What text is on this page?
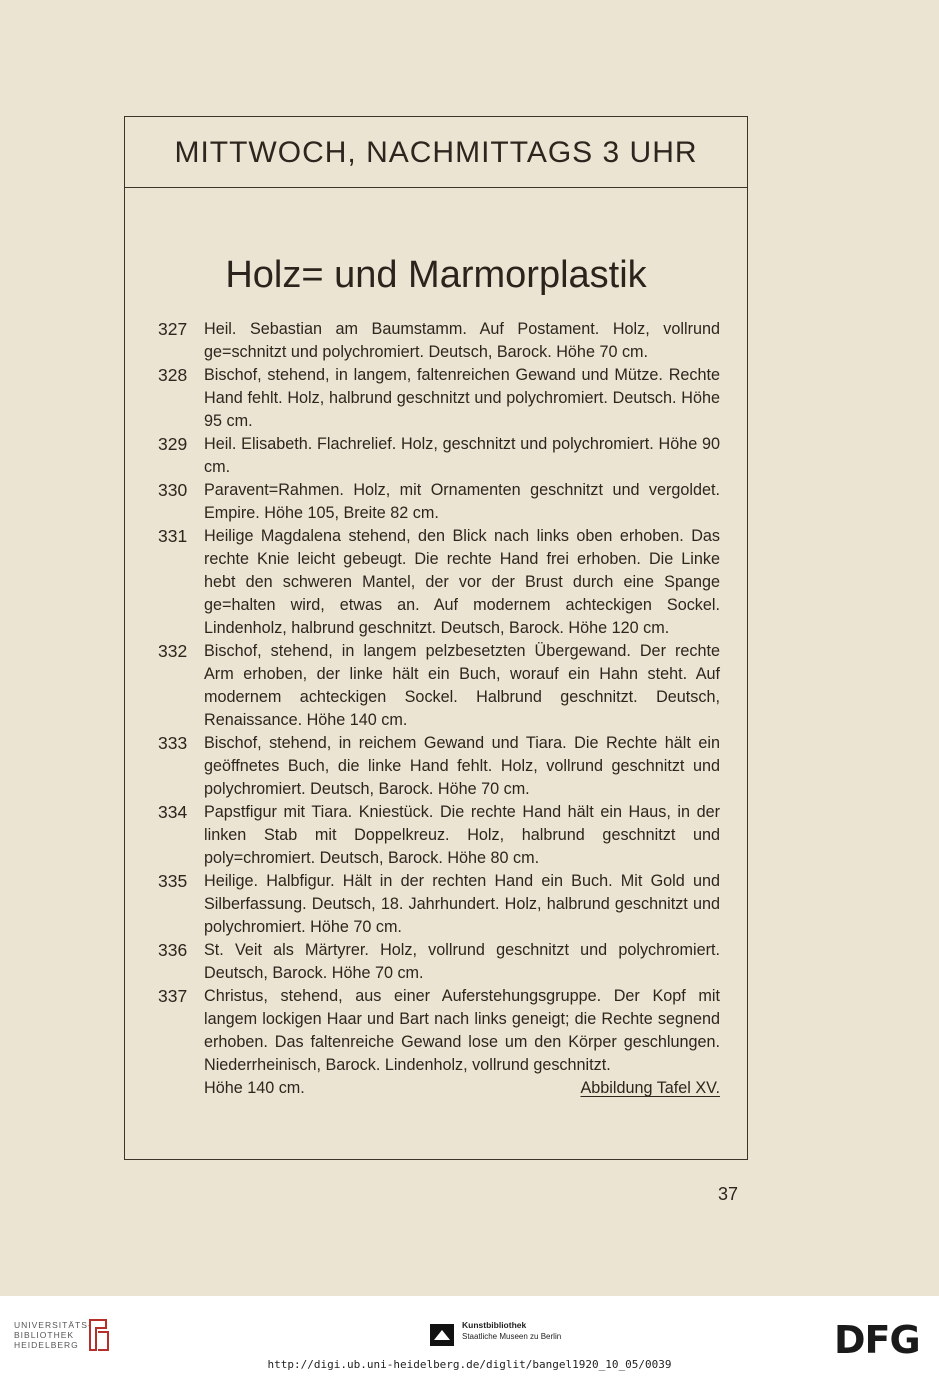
MITTWOCH, NACHMITTAGS 3 UHR
Holz= und Marmorplastik
327	Heil. Sebastian am Baumstamm. Auf Postament. Holz, vollrund ge=schnitzt und polychromiert. Deutsch, Barock. Höhe 70 cm.
328	Bischof, stehend, in langem, faltenreichen Gewand und Mütze. Rechte Hand fehlt. Holz, halbrund geschnitzt und polychromiert. Deutsch. Höhe 95 cm.
329	Heil. Elisabeth. Flachrelief. Holz, geschnitzt und polychromiert. Höhe 90 cm.
330	Paravent=Rahmen. Holz, mit Ornamenten geschnitzt und vergoldet. Empire. Höhe 105, Breite 82 cm.
331	Heilige Magdalena stehend, den Blick nach links oben erhoben. Das rechte Knie leicht gebeugt. Die rechte Hand frei erhoben. Die Linke hebt den schweren Mantel, der vor der Brust durch eine Spange ge=halten wird, etwas an. Auf modernem achteckigen Sockel. Lindenholz, halbrund geschnitzt. Deutsch, Barock. Höhe 120 cm.
332	Bischof, stehend, in langem pelzbesetzten Übergewand. Der rechte Arm erhoben, der linke hält ein Buch, worauf ein Hahn steht. Auf modernem achteckigen Sockel. Halbrund geschnitzt. Deutsch, Renaissance. Höhe 140 cm.
333	Bischof, stehend, in reichem Gewand und Tiara. Die Rechte hält ein geöffnetes Buch, die linke Hand fehlt. Holz, vollrund geschnitzt und polychromiert. Deutsch, Barock. Höhe 70 cm.
334	Papstfigur mit Tiara. Kniestück. Die rechte Hand hält ein Haus, in der linken Stab mit Doppelkreuz. Holz, halbrund geschnitzt und poly=chromiert. Deutsch, Barock. Höhe 80 cm.
335	Heilige. Halbfigur. Hält in der rechten Hand ein Buch. Mit Gold und Silberfassung. Deutsch, 18. Jahrhundert. Holz, halbrund geschnitzt und polychromiert. Höhe 70 cm.
336	St. Veit als Märtyrer. Holz, vollrund geschnitzt und polychromiert. Deutsch, Barock. Höhe 70 cm.
337	Christus, stehend, aus einer Auferstehungsgruppe. Der Kopf mit langem lockigen Haar und Bart nach links geneigt; die Rechte segnend erhoben. Das faltenreiche Gewand lose um den Körper geschlungen. Niederrheinisch, Barock. Lindenholz, vollrund geschnitzt.
Höhe 140 cm.	Abbildung Tafel XV.
37
UNIVERSITÄTS-
BIBLIOTHEK
HEIDELBERG
Kunstbibliothek
Staatliche Museen zu Berlin	DFG
http://digi.ub.uni-heidelberg.de/diglit/bangel1920_10_05/0039
